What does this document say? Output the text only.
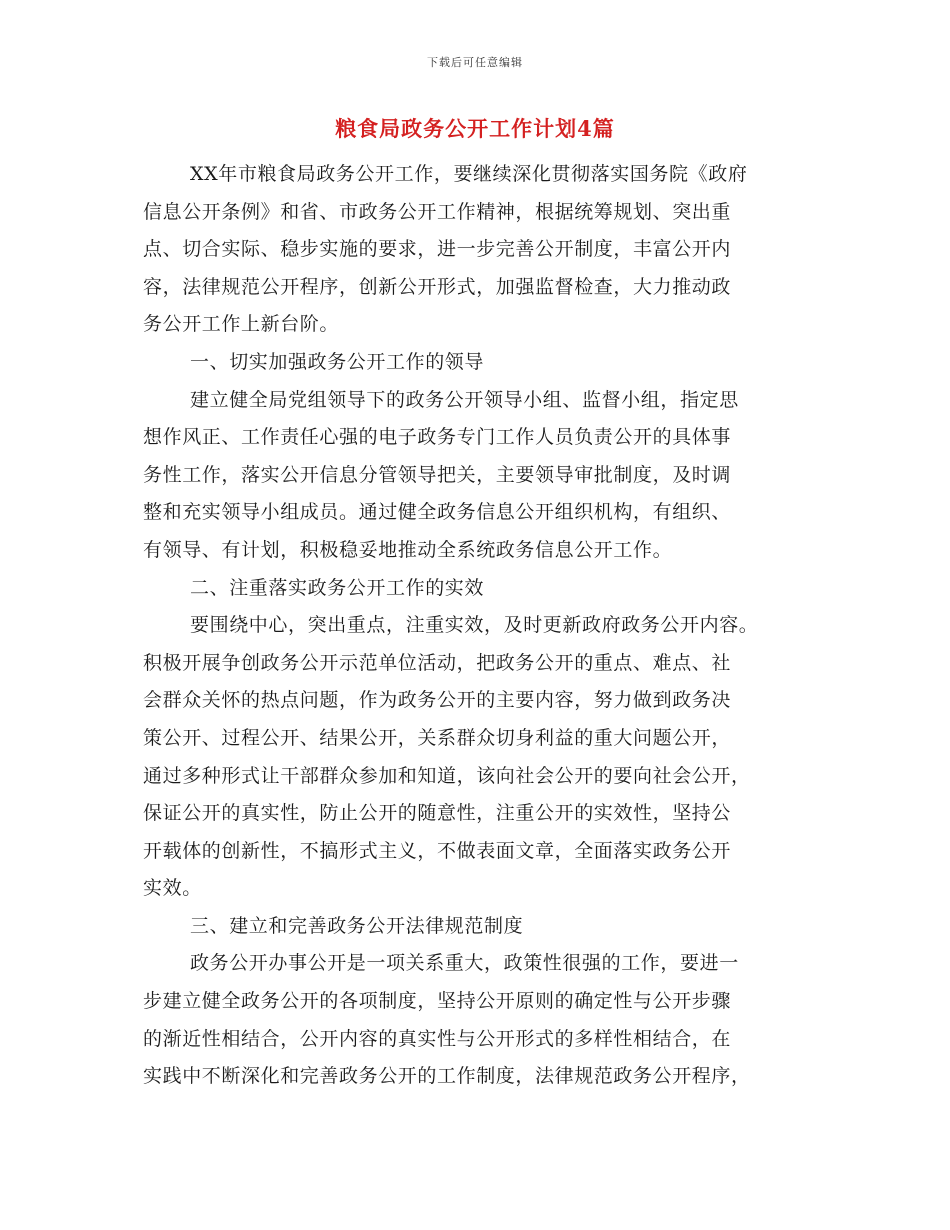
下载后可任意编辑
粮食局政务公开工作计划4篇
XX年市粮食局政务公开工作，要继续深化贯彻落实国务院《政府
信息公开条例》和省、市政务公开工作精神，根据统筹规划、突出重
点、切合实际、稳步实施的要求，进一步完善公开制度，丰富公开内
容，法律规范公开程序，创新公开形式，加强监督检查，大力推动政
务公开工作上新台阶。
一、切实加强政务公开工作的领导
建立健全局党组领导下的政务公开领导小组、监督小组，指定思
想作风正、工作责任心强的电子政务专门工作人员负责公开的具体事
务性工作，落实公开信息分管领导把关，主要领导审批制度，及时调
整和充实领导小组成员。通过健全政务信息公开组织机构，有组织、
有领导、有计划，积极稳妥地推动全系统政务信息公开工作。
二、注重落实政务公开工作的实效
要围绕中心，突出重点，注重实效，及时更新政府政务公开内容。
积极开展争创政务公开示范单位活动，把政务公开的重点、难点、社
会群众关怀的热点问题，作为政务公开的主要内容，努力做到政务决
策公开、过程公开、结果公开，关系群众切身利益的重大问题公开，
通过多种形式让干部群众参加和知道，该向社会公开的要向社会公开，
保证公开的真实性，防止公开的随意性，注重公开的实效性，坚持公
开载体的创新性，不搞形式主义，不做表面文章，全面落实政务公开
实效。
三、建立和完善政务公开法律规范制度
政务公开办事公开是一项关系重大，政策性很强的工作，要进一
步建立健全政务公开的各项制度，坚持公开原则的确定性与公开步骤
的渐近性相结合，公开内容的真实性与公开形式的多样性相结合，在
实践中不断深化和完善政务公开的工作制度，法律规范政务公开程序，
